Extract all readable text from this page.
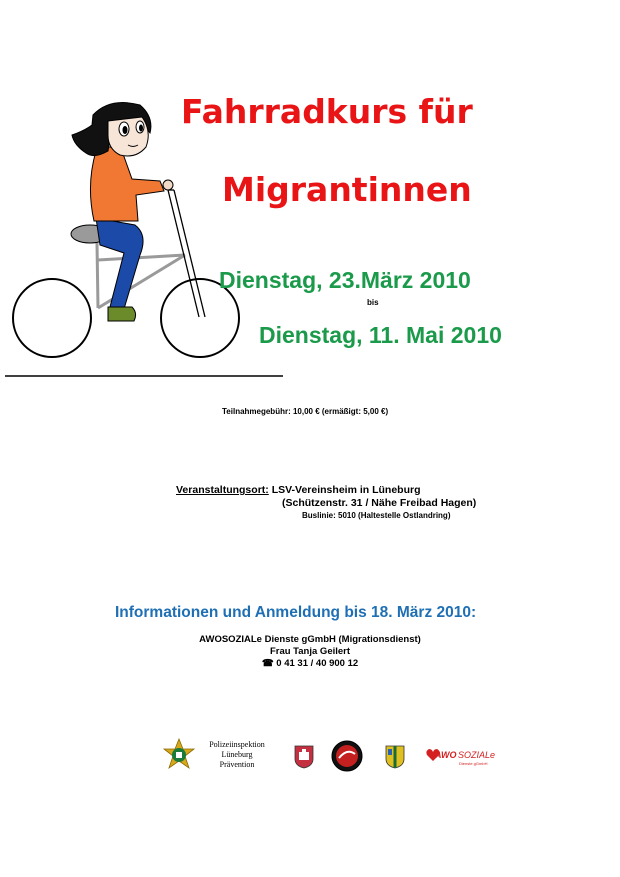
Fahrradkurs für
Migrantinnen
Dienstag, 23.März 2010
bis
Dienstag, 11. Mai 2010
Teilnahmegebühr: 10,00 € (ermäßigt: 5,00 €)
Veranstaltungsort: LSV-Vereinsheim in Lüneburg
(Schützenstr. 31 / Nähe Freibad Hagen)
Buslinie: 5010 (Haltestelle Ostlandring)
Informationen und Anmeldung bis 18. März 2010:
AWOSOZIALe Dienste gGmbH (Migrationsdienst)
Frau Tanja Geilert
☎ 0 41 31 / 40 900 12
Polizeiinspektion
Lüneburg
Prävention
AWO SOZIALe
Dienste gGmbH
